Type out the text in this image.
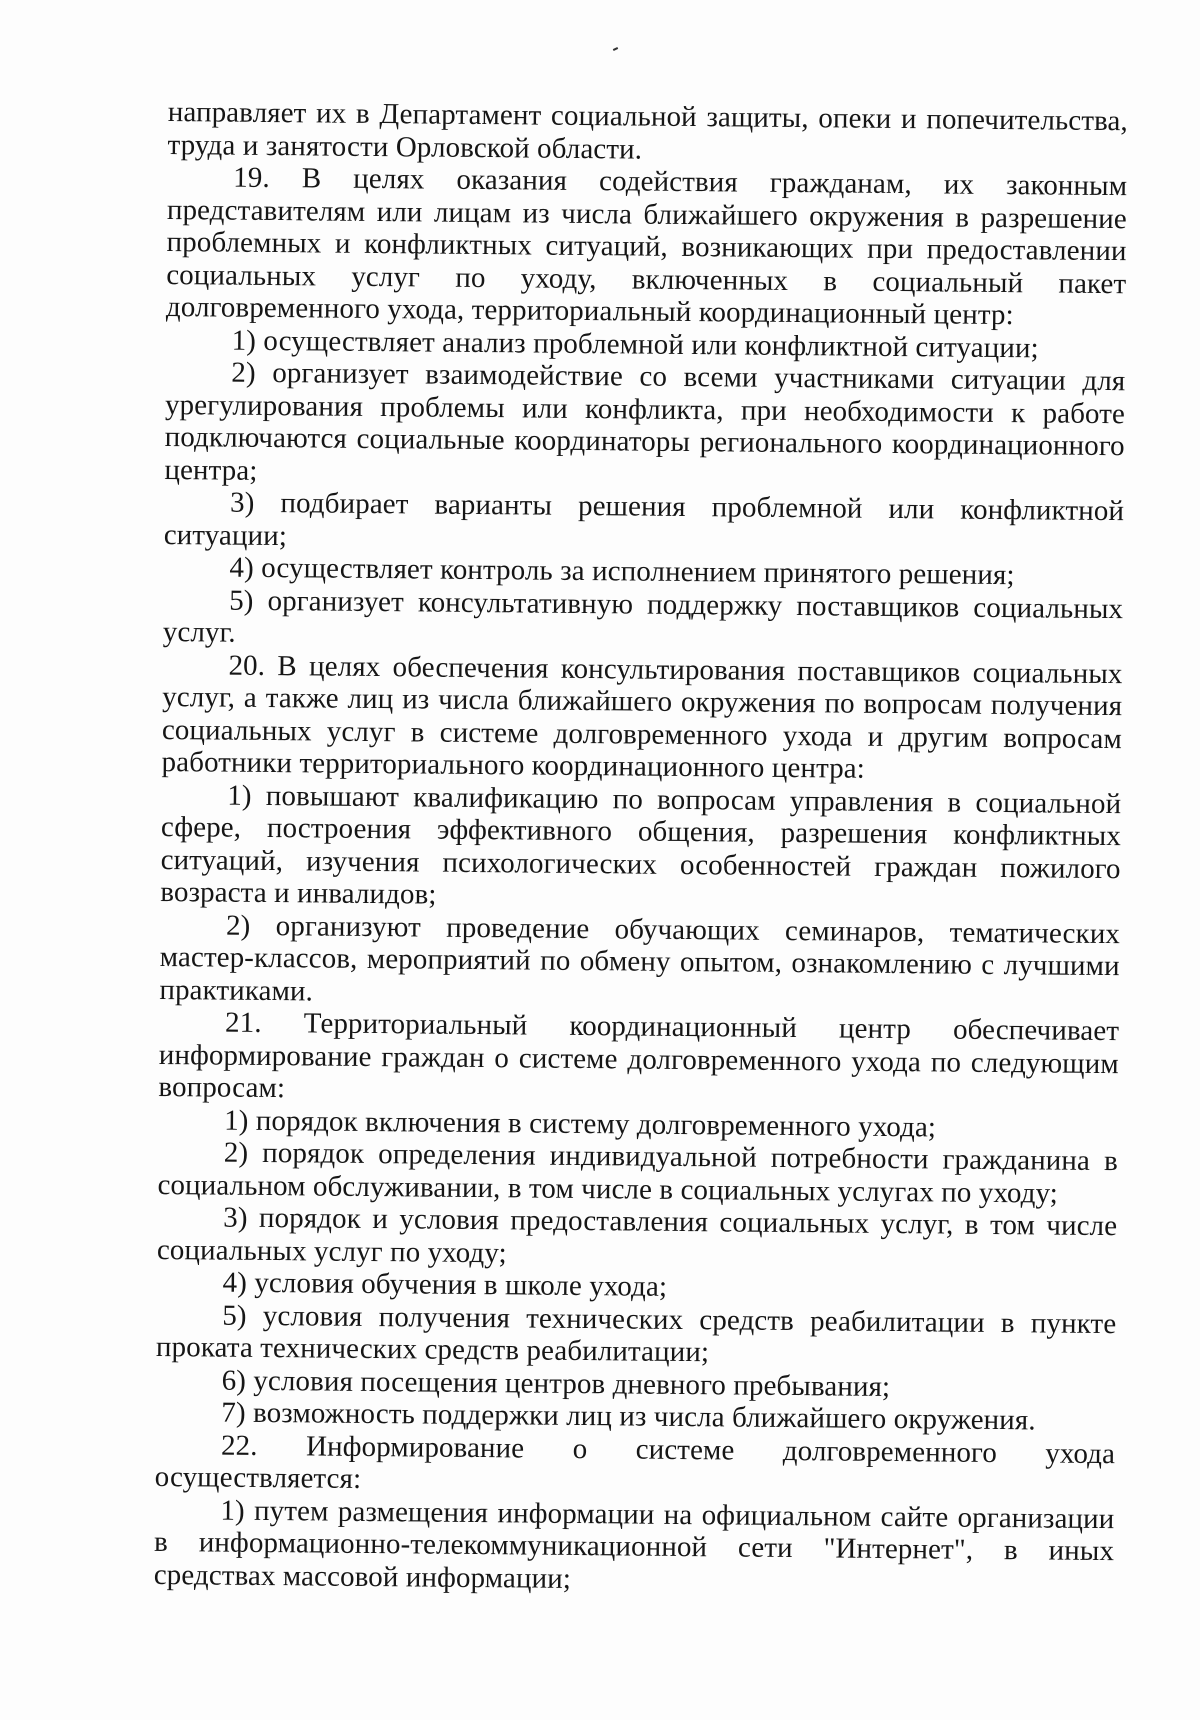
направляет их в Департамент социальной защиты, опеки и попечительства, труда и занятости Орловской области.

19. В целях оказания содействия гражданам, их законным представителям или лицам из числа ближайшего окружения в разрешение проблемных и конфликтных ситуаций, возникающих при предоставлении социальных услуг по уходу, включенных в социальный пакет долговременного ухода, территориальный координационный центр:

1) осуществляет анализ проблемной или конфликтной ситуации;

2) организует взаимодействие со всеми участниками ситуации для урегулирования проблемы или конфликта, при необходимости к работе подключаются социальные координаторы регионального координационного центра;

3) подбирает варианты решения проблемной или конфликтной ситуации;

4) осуществляет контроль за исполнением принятого решения;

5) организует консультативную поддержку поставщиков социальных услуг.

20. В целях обеспечения консультирования поставщиков социальных услуг, а также лиц из числа ближайшего окружения по вопросам получения социальных услуг в системе долговременного ухода и другим вопросам работники территориального координационного центра:

1) повышают квалификацию по вопросам управления в социальной сфере, построения эффективного общения, разрешения конфликтных ситуаций, изучения психологических особенностей граждан пожилого возраста и инвалидов;

2) организуют проведение обучающих семинаров, тематических мастер-классов, мероприятий по обмену опытом, ознакомлению с лучшими практиками.

21. Территориальный координационный центр обеспечивает информирование граждан о системе долговременного ухода по следующим вопросам:

1) порядок включения в систему долговременного ухода;

2) порядок определения индивидуальной потребности гражданина в социальном обслуживании, в том числе в социальных услугах по уходу;

3) порядок и условия предоставления социальных услуг, в том числе социальных услуг по уходу;

4) условия обучения в школе ухода;

5) условия получения технических средств реабилитации в пункте проката технических средств реабилитации;

6) условия посещения центров дневного пребывания;

7) возможность поддержки лиц из числа ближайшего окружения.

22. Информирование о системе долговременного ухода осуществляется:

1) путем размещения информации на официальном сайте организации в информационно-телекоммуникационной сети "Интернет", в иных средствах массовой информации;
